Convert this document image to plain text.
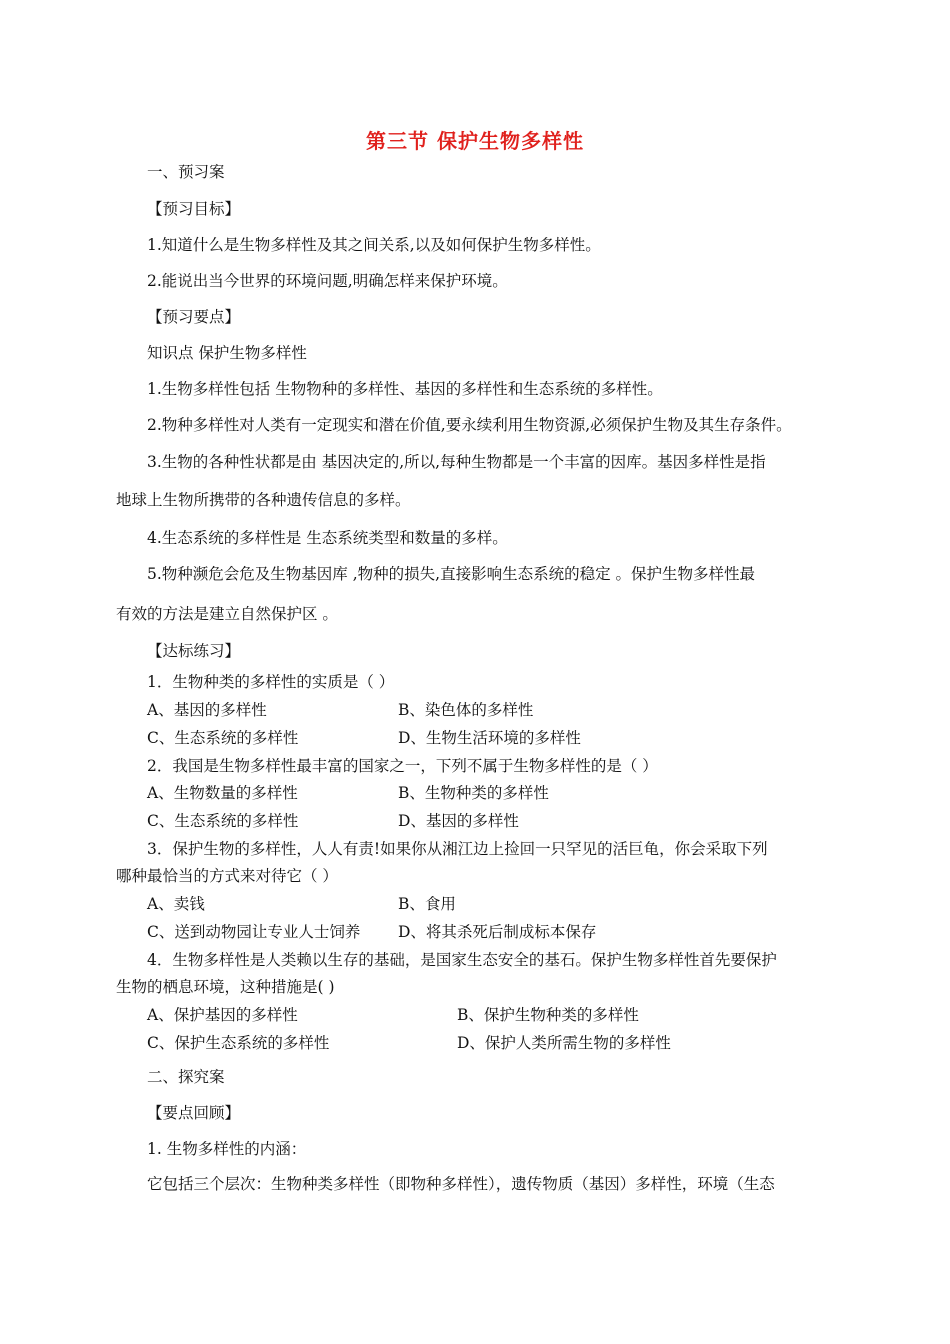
第三节 保护生物多样性
一、预习案
【预习目标】
1.知道什么是生物多样性及其之间关系,以及如何保护生物多样性。
2.能说出当今世界的环境问题,明确怎样来保护环境。
【预习要点】
知识点 保护生物多样性
1.生物多样性包括 生物物种的多样性、基因的多样性和生态系统的多样性。
2.物种多样性对人类有一定现实和潜在价值,要永续利用生物资源,必须保护生物及其生存条件。
3.生物的各种性状都是由 基因决定的,所以,每种生物都是一个丰富的因库。基因多样性是指
地球上生物所携带的各种遗传信息的多样。
4.生态系统的多样性是 生态系统类型和数量的多样。
5.物种濒危会危及生物基因库 ,物种的损失,直接影响生态系统的稳定 。保护生物多样性最
有效的方法是建立自然保护区 。
【达标练习】
1．生物种类的多样性的实质是（ ）
A、基因的多样性	B、染色体的多样性
C、生态系统的多样性	D、生物生活环境的多样性
2．我国是生物多样性最丰富的国家之一，下列不属于生物多样性的是（ ）
A、生物数量的多样性	B、生物种类的多样性
C、生态系统的多样性	D、基因的多样性
3．保护生物的多样性，人人有责!如果你从湘江边上捡回一只罕见的活巨龟，你会采取下列
哪种最恰当的方式来对待它（ ）
A、卖钱	B、食用
C、送到动物园让专业人士饲养 D、将其杀死后制成标本保存
4．生物多样性是人类赖以生存的基础，是国家生态安全的基石。保护生物多样性首先要保护
生物的栖息环境，这种措施是( )
A、保护基因的多样性	B、保护生物种类的多样性
C、保护生态系统的多样性	D、保护人类所需生物的多样性
二、探究案
【要点回顾】
1. 生物多样性的内涵：
它包括三个层次：生物种类多样性（即物种多样性），遗传物质（基因）多样性，环境（生态
